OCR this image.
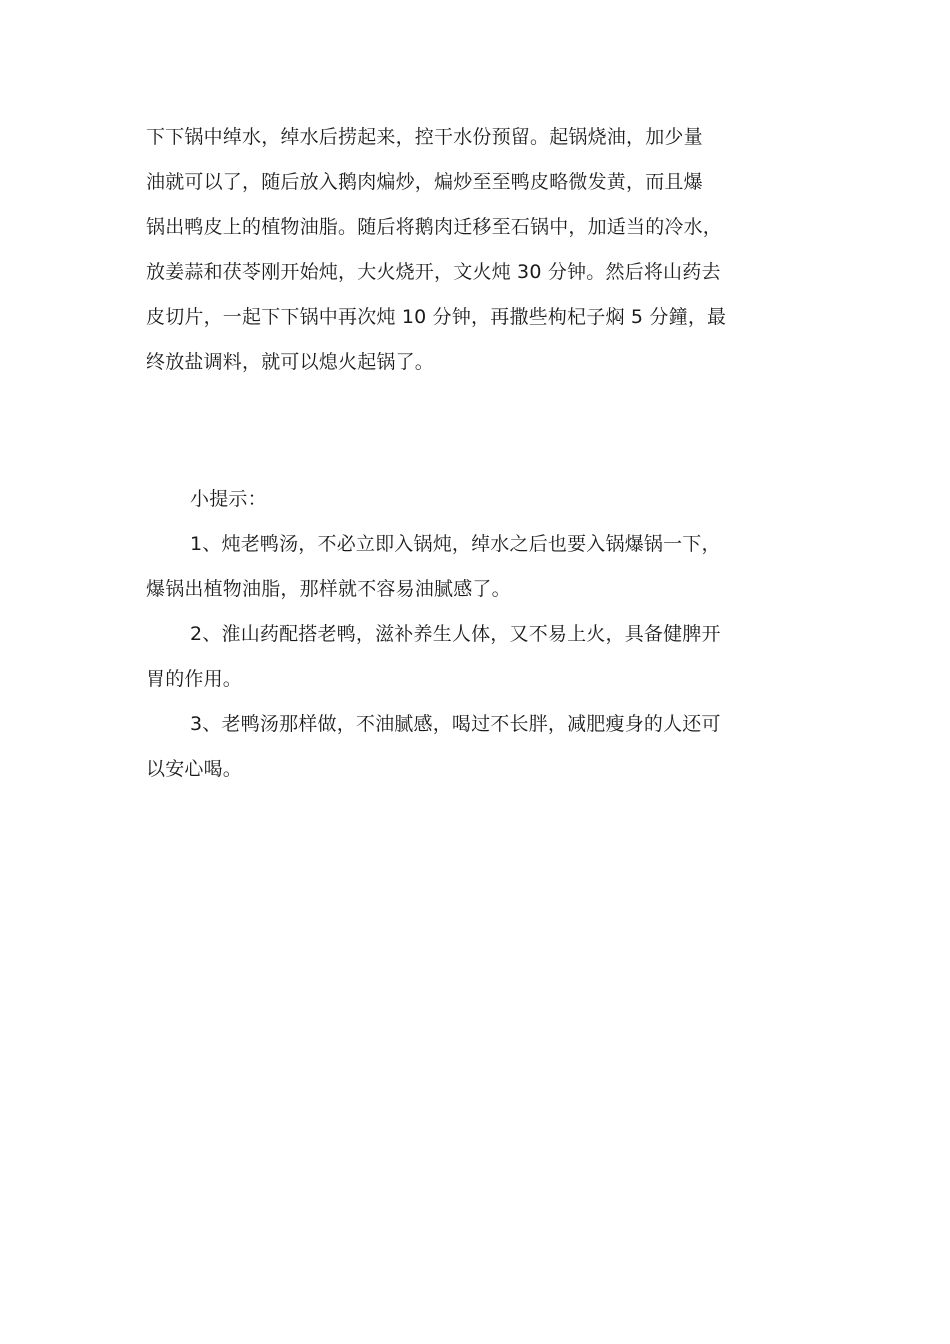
下下锅中绰水，绰水后捞起来，控干水份预留。起锅烧油，加少量
油就可以了，随后放入鹅肉煸炒，煸炒至至鸭皮略微发黄，而且爆
锅出鸭皮上的植物油脂。随后将鹅肉迁移至石锅中，加适当的冷水，
放姜蒜和茯苓刚开始炖，大火烧开，文火炖 30 分钟。然后将山药去
皮切片，一起下下锅中再次炖 10 分钟，再撒些枸杞子焖 5 分鐘，最
终放盐调料，就可以熄火起锅了。
小提示：
1、炖老鸭汤，不必立即入锅炖，绰水之后也要入锅爆锅一下，
爆锅出植物油脂，那样就不容易油腻感了。
2、淮山药配搭老鸭，滋补养生人体，又不易上火，具备健脾开
胃的作用。
3、老鸭汤那样做，不油腻感，喝过不长胖，减肥瘦身的人还可
以安心喝。
